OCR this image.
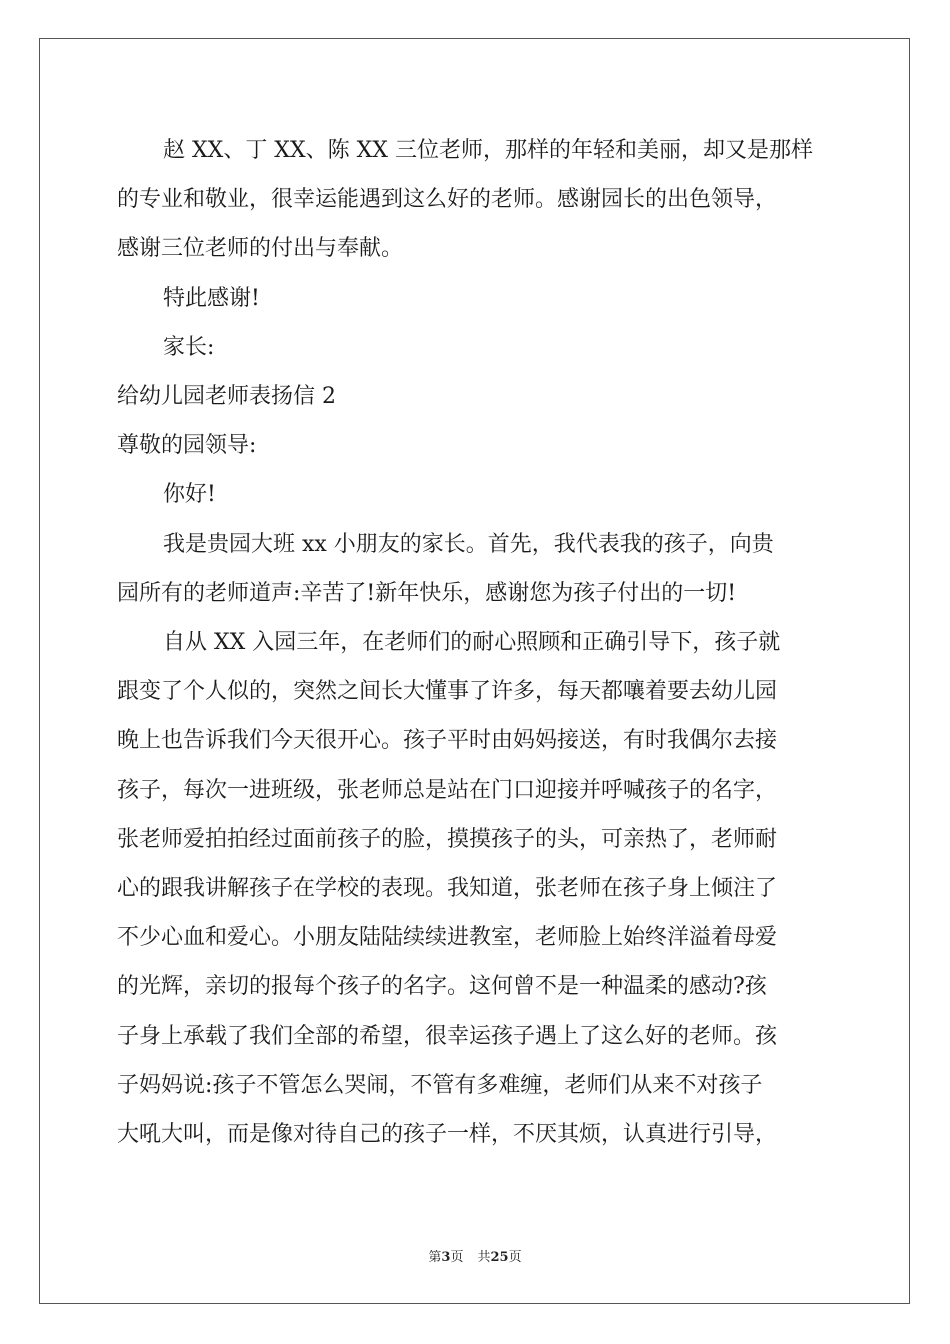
赵 XX、丁 XX、陈 XX 三位老师，那样的年轻和美丽，却又是那样

的专业和敬业，很幸运能遇到这么好的老师。感谢园长的出色领导，

感谢三位老师的付出与奉献。

特此感谢!

家长:

给幼儿园老师表扬信 2

尊敬的园领导:

你好!

我是贵园大班 xx 小朋友的家长。首先，我代表我的孩子，向贵

园所有的老师道声:辛苦了!新年快乐，感谢您为孩子付出的一切!

自从 XX 入园三年，在老师们的耐心照顾和正确引导下，孩子就

跟变了个人似的，突然之间长大懂事了许多，每天都嚷着要去幼儿园

晚上也告诉我们今天很开心。孩子平时由妈妈接送，有时我偶尔去接

孩子，每次一进班级，张老师总是站在门口迎接并呼喊孩子的名字，

张老师爱拍拍经过面前孩子的脸，摸摸孩子的头，可亲热了，老师耐

心的跟我讲解孩子在学校的表现。我知道，张老师在孩子身上倾注了

不少心血和爱心。小朋友陆陆续续进教室，老师脸上始终洋溢着母爱

的光辉，亲切的报每个孩子的名字。这何曾不是一种温柔的感动?孩

子身上承载了我们全部的希望，很幸运孩子遇上了这么好的老师。孩

子妈妈说:孩子不管怎么哭闹，不管有多难缠，老师们从来不对孩子

大吼大叫，而是像对待自己的孩子一样，不厌其烦，认真进行引导，

第3页 共25页
